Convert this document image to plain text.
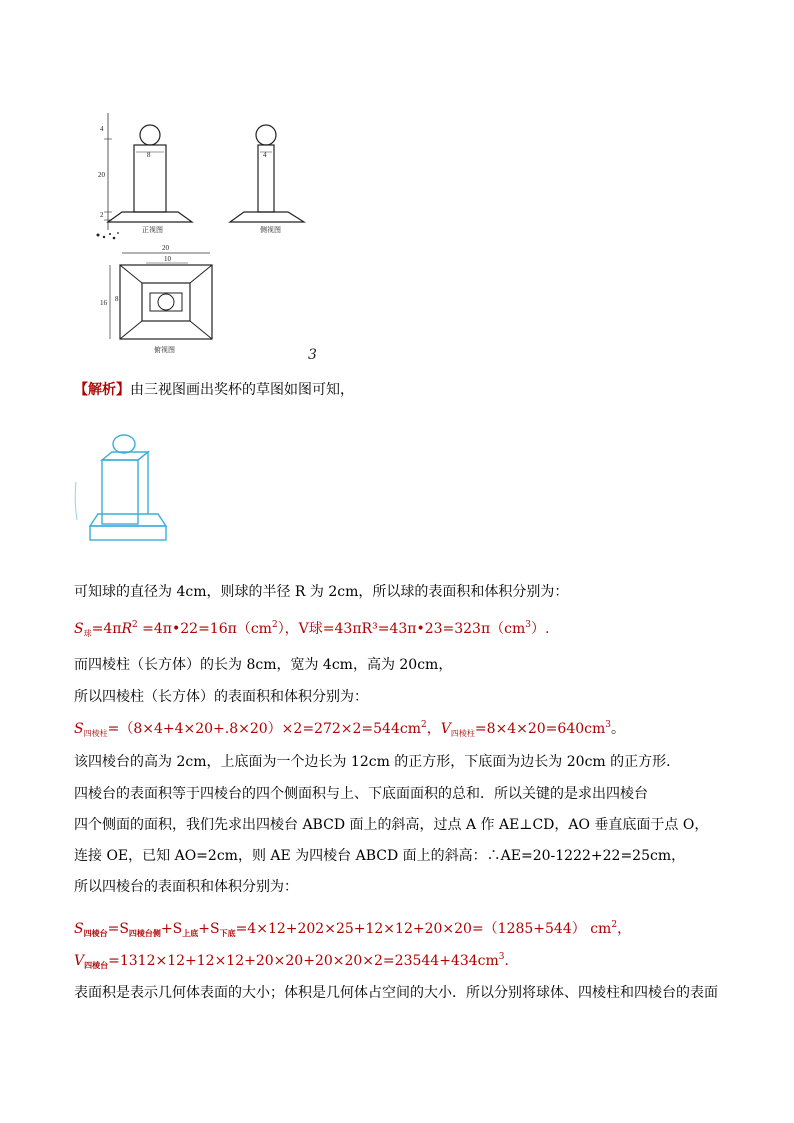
4
20
2
8
正视图
4
侧视图
20
10
16 8
俯视图	3
【解析】由三视图画出奖杯的草图如图可知，
可知球的直径为 4cm，则球的半径 R 为 2cm，所以球的表面积和体积分别为：
$S_球=4\pi R^2$ $=4\pi•22=16\pi(cm^2)$，V球$=43\pi R^3=43\pi•23=323\pi(cm^3)$.
而四棱柱（长方体）的长为 8cm，宽为 4cm，高为 20cm，
所以四棱柱（长方体）的表面积和体积分别为：
$S_{四棱柱}=(8\times 4+4\times 20+.8\times 20)\times 2=272\times 2=544cm^2$，$V_{四棱柱}=8\times 4\times 20=640cm^3$。
该四棱台的高为 2cm，上底面为一个边长为 12cm 的正方形，下底面为边长为 20cm 的正方形．
四棱台的表面积等于四棱台的四个侧面积与上、下底面面积的总和．所以关键的是求出四棱台
四个侧面的面积，我们先求出四棱台 ABCD 面上的斜高，过点 A 作 AE⊥CD，AO 垂直底面于点 O，
连接 OE，已知 AO=2cm，则 AE 为四棱台 ABCD 面上的斜高：∴AE=20-1222+22=25cm，
所以四棱台的表面积和体积分别为：
$S_{四棱台}=S_{四棱台侧}+S_{上底}+S_{下底}=4\times 12+202\times 25+12\times 12+20\times 20=(1285+544)$ $cm^2$，
$V_{四棱台}=1312\times 12+12\times 12+20\times 20+20\times 20\times 2=23544+434cm^3$．
表面积是表示几何体表面的大小；体积是几何体占空间的大小．所以分别将球体、四棱柱和四棱台的表面
